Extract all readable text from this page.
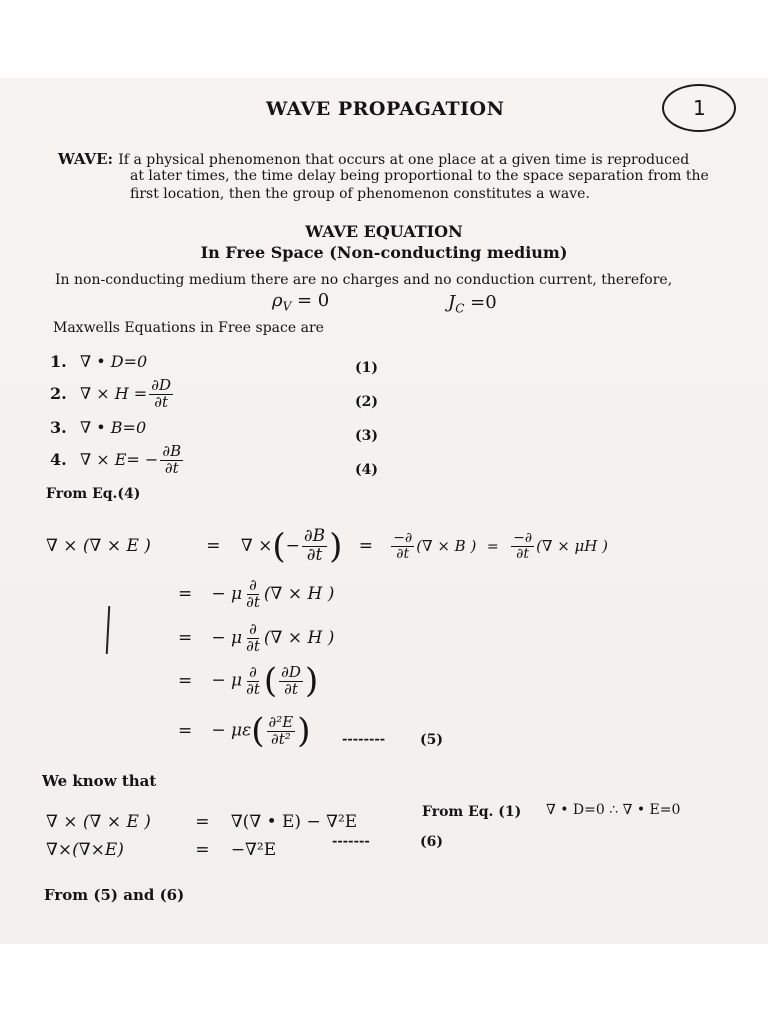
WAVE PROPAGATION	1
WAVE: If a physical phenomenon that occurs at one place at a given time is reproduced
at later times, the time delay being proportional to the space separation from the
first location, then the group of phenomenon constitutes a wave.
WAVE EQUATION
In Free Space (Non-conducting medium)
In non-conducting medium there are no charges and no conduction current, therefore,
$\rho_V = 0$	$J_C =0$
Maxwells Equations in Free space are
1. ∇ • D=0	(1)
2. ∇ × $H = \frac{\partial D}{\partial t}$	(2)
3. ∇ • B=0	(3)
4. ∇ × $E= - \frac{\partial B}{\partial t}$	(4)
From Eq.(4)
∇ × (∇ × E )	= ∇ ×(− $\frac{\partial B}{\partial t}$ ) = $\frac{-\partial}{\partial t}$ (∇ × B ) = $\frac{-\partial}{\partial t}$ (∇ × μH )
= − μ $\frac{\partial}{\partial t}$ (∇ × H )
= − μ $\frac{\partial}{\partial t}$ (∇ × H )
= − μ $\frac{\partial}{\partial t}$ ( $\frac{\partial D}{\partial t}$ )
= − $\mu\varepsilon( \frac{\text{∂²E}}{\text{∂t²}}$ ) -------- (5)
We know that
∇ × (∇ × E )	= ∇(∇ • E) − ∇²E	From Eq. (1) ∇ • D=0 ∴ ∇ • E=0
∇×(∇×E)	= −∇²E	-------	(6)
From (5) and (6)
